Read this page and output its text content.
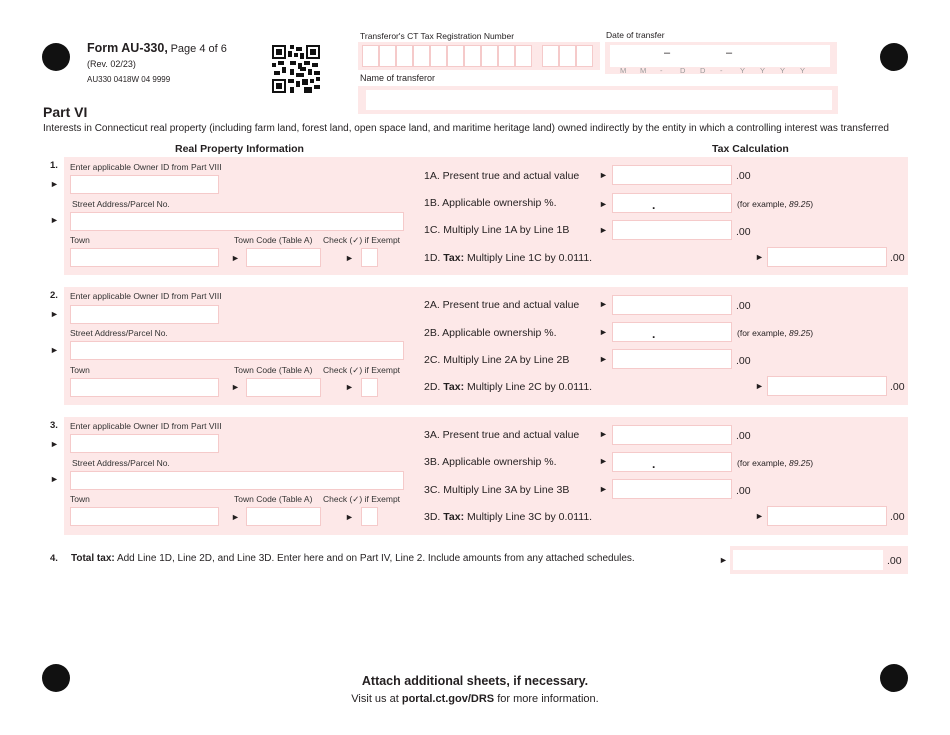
Form AU-330, Page 4 of 6
(Rev. 02/23)
AU330 0418W 04 9999
Transferor's CT Tax Registration Number	Date of transfer
–	–
M M - D D - Y Y Y Y
Name of transferor
Part VI
Interests in Connecticut real property (including farm land, forest land, open space land, and maritime heritage land) owned indirectly by the entity in which a controlling interest was transferred
Real Property Information	Tax Calculation
1.
►
►
Enter applicable Owner ID from Part VIII
Street Address/Parcel No.
Town	Town Code (Table A) Check (✓) if Exempt
►	►
1A. Present true and actual value ►	.00
1B. Applicable ownership %.	►	.	(for example, 89.25)
1C. Multiply Line 1A by Line 1B	►	.00
1D. Tax: Multiply Line 1C by 0.0111.	►	.00
2.
►
►
Enter applicable Owner ID from Part VIII
Street Address/Parcel No.
Town	Town Code (Table A) Check (✓) if Exempt
►	►
2A. Present true and actual value ►	.00
2B. Applicable ownership %.	►	.	(for example, 89.25)
2C. Multiply Line 2A by Line 2B	►	.00
2D. Tax: Multiply Line 2C by 0.0111.	►	.00
3.
►
►
Enter applicable Owner ID from Part VIII
Street Address/Parcel No.
Town	Town Code (Table A) Check (✓) if Exempt
►	►
3A. Present true and actual value ►	.00
3B. Applicable ownership %.	►	.	(for example, 89.25)
3C. Multiply Line 3A by Line 3B	►	.00
3D. Tax: Multiply Line 3C by 0.0111.	►	.00
4. Total tax: Add Line 1D, Line 2D, and Line 3D. Enter here and on Part IV, Line 2. Include amounts from any attached schedules.	►	.00
Attach additional sheets, if necessary.
Visit us at portal.ct.gov/DRS for more information.
